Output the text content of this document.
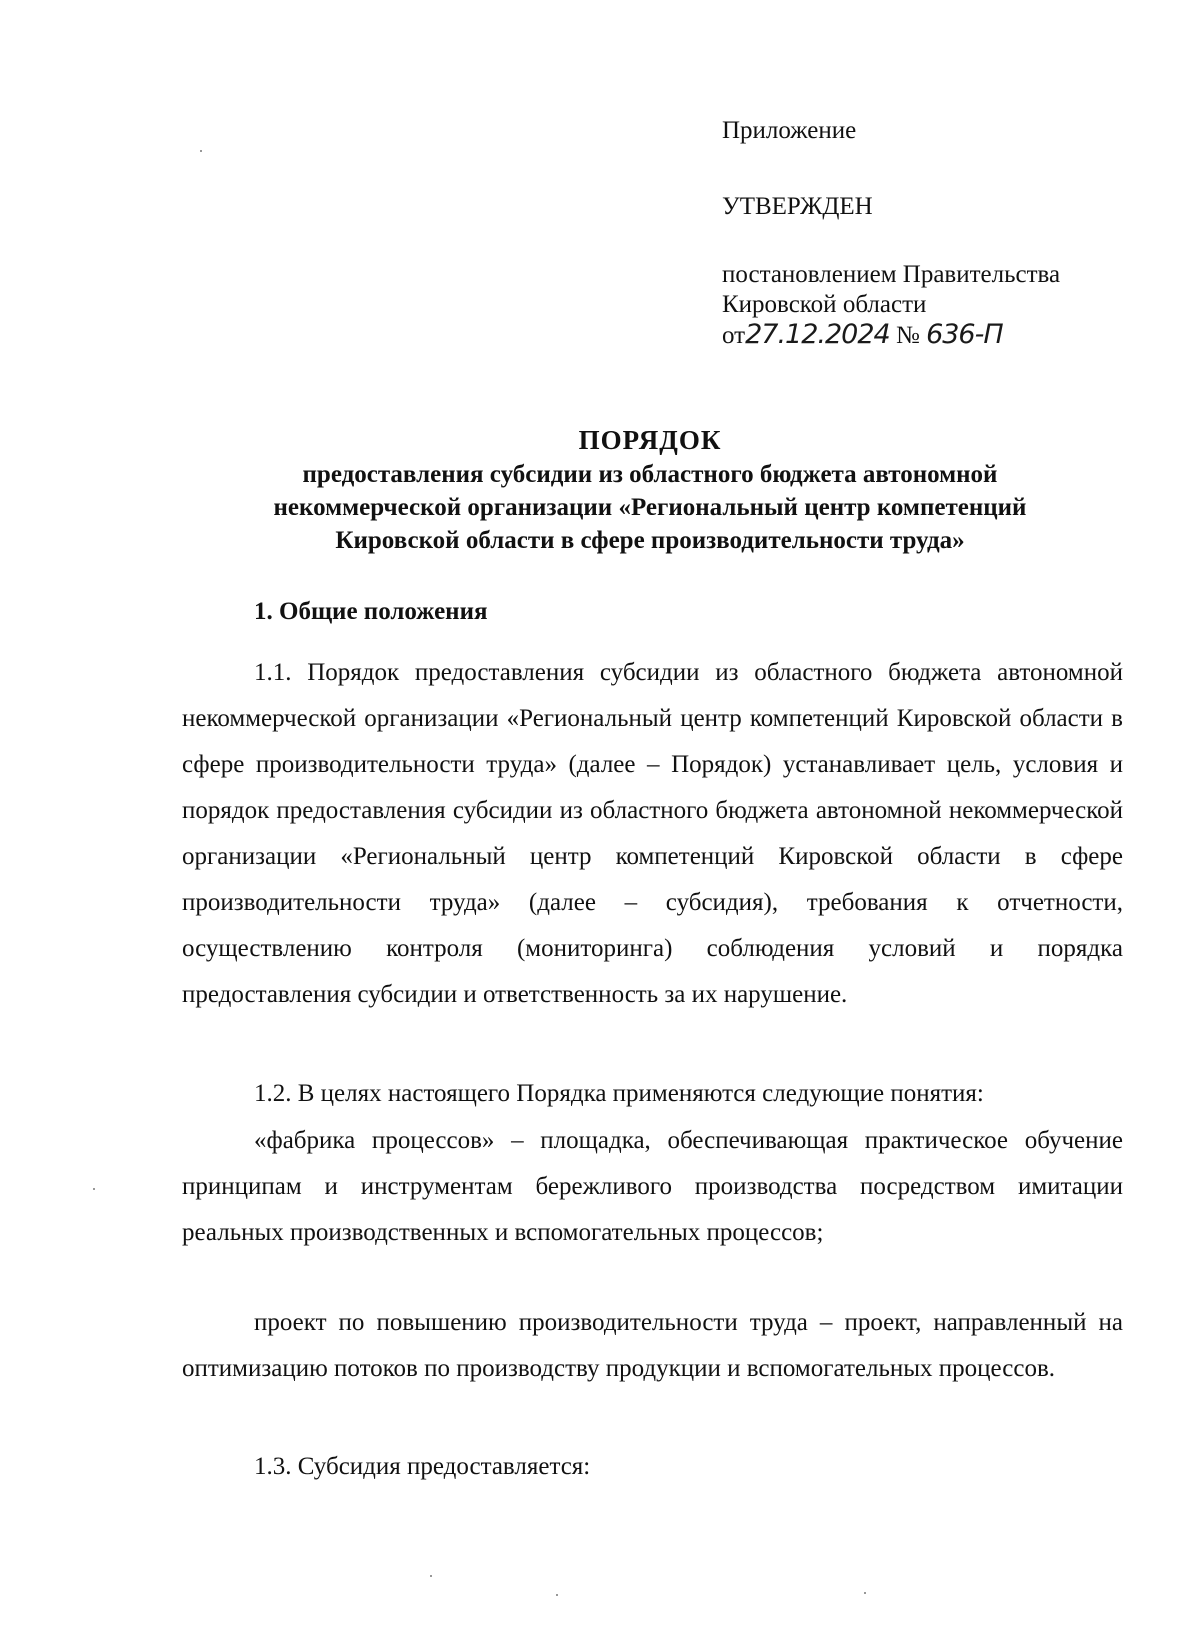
Приложение
УТВЕРЖДЕН
постановлением Правительства
Кировской области
от27.12.2024 № 636-П
ПОРЯДОК
предоставления субсидии из областного бюджета автономной
некоммерческой организации «Региональный центр компетенций
Кировской области в сфере производительности труда»
1. Общие положения
1.1. Порядок предоставления субсидии из областного бюджета автономной некоммерческой организации «Региональный центр компетенций Кировской области в сфере производительности труда» (далее – Порядок) устанавливает цель, условия и порядок предоставления субсидии из областного бюджета автономной некоммерческой организации «Региональный центр компетенций Кировской области в сфере производительности труда» (далее – субсидия), требования к отчетности, осуществлению контроля (мониторинга) соблюдения условий и порядка предоставления субсидии и ответственность за их нарушение.
1.2. В целях настоящего Порядка применяются следующие понятия:
«фабрика процессов» – площадка, обеспечивающая практическое обучение принципам и инструментам бережливого производства посредством имитации реальных производственных и вспомогательных процессов;
проект по повышению производительности труда – проект, направленный на оптимизацию потоков по производству продукции и вспомогательных процессов.
1.3. Субсидия предоставляется:
